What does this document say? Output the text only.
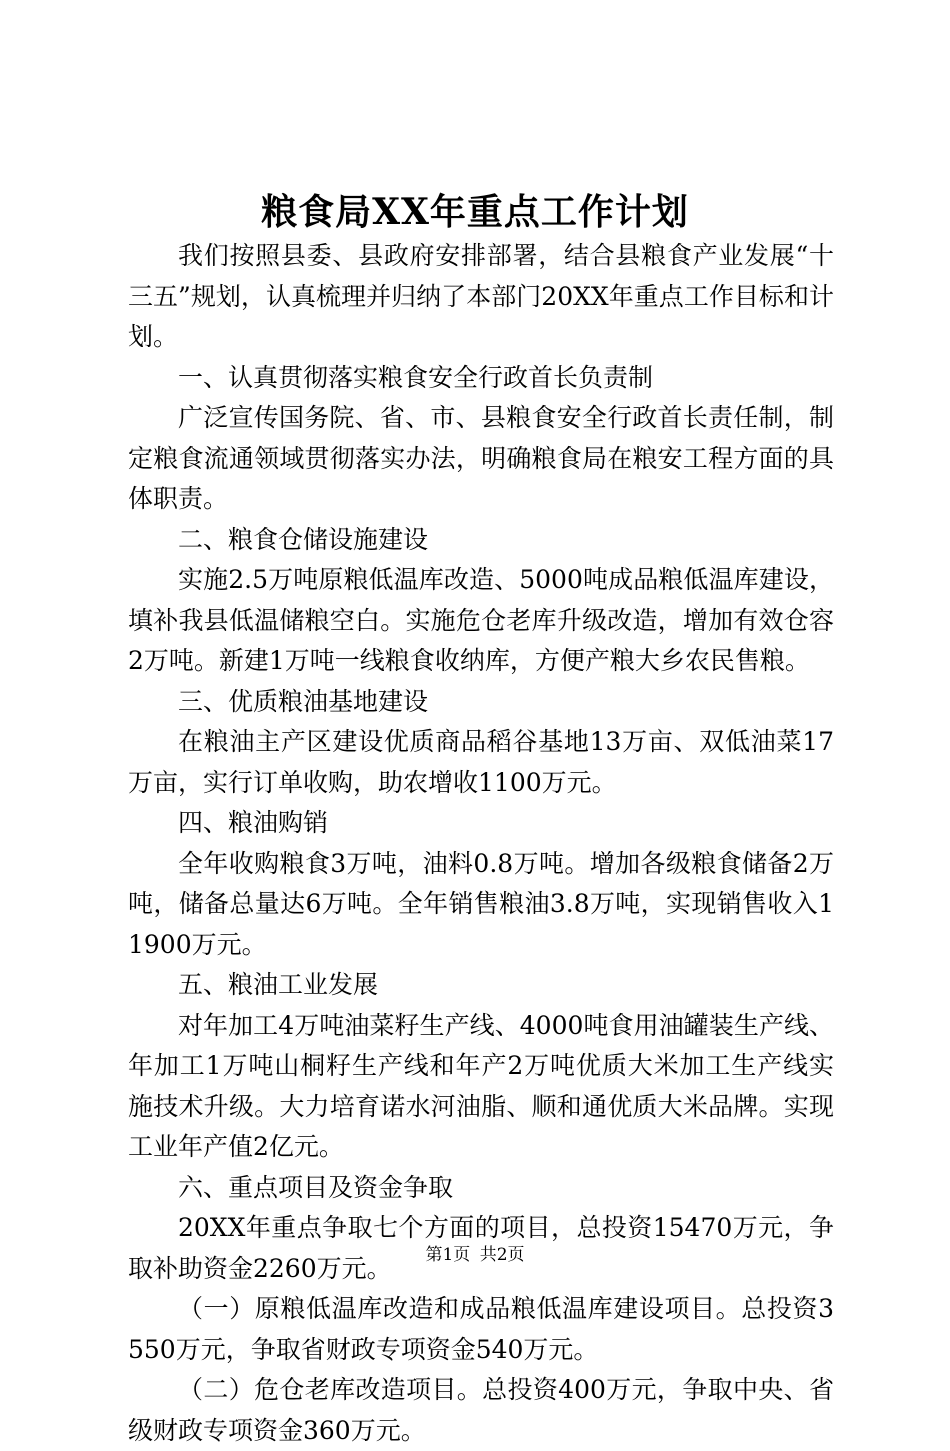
粮食局XX年重点工作计划

我们按照县委、县政府安排部署，结合县粮食产业发展“十三五”规划，认真梳理并归纳了本部门20XX年重点工作目标和计划。

一、认真贯彻落实粮食安全行政首长负责制

广泛宣传国务院、省、市、县粮食安全行政首长责任制，制定粮食流通领域贯彻落实办法，明确粮食局在粮安工程方面的具体职责。

二、粮食仓储设施建设

实施2.5万吨原粮低温库改造、5000吨成品粮低温库建设，填补我县低温储粮空白。实施危仓老库升级改造，增加有效仓容2万吨。新建1万吨一线粮食收纳库，方便产粮大乡农民售粮。

三、优质粮油基地建设

在粮油主产区建设优质商品稻谷基地13万亩、双低油菜17万亩，实行订单收购，助农增收1100万元。

四、粮油购销

全年收购粮食3万吨，油料0.8万吨。增加各级粮食储备2万吨，储备总量达6万吨。全年销售粮油3.8万吨，实现销售收入11900万元。

五、粮油工业发展

对年加工4万吨油菜籽生产线、4000吨食用油罐装生产线、年加工1万吨山桐籽生产线和年产2万吨优质大米加工生产线实施技术升级。大力培育诺水河油脂、顺和通优质大米品牌。实现工业年产值2亿元。

六、重点项目及资金争取

20XX年重点争取七个方面的项目，总投资15470万元，争取补助资金2260万元。

（一）原粮低温库改造和成品粮低温库建设项目。总投资3550万元，争取省财政专项资金540万元。

（二）危仓老库改造项目。总投资400万元，争取中央、省级财政专项资金360万元。

第1页 共2页
